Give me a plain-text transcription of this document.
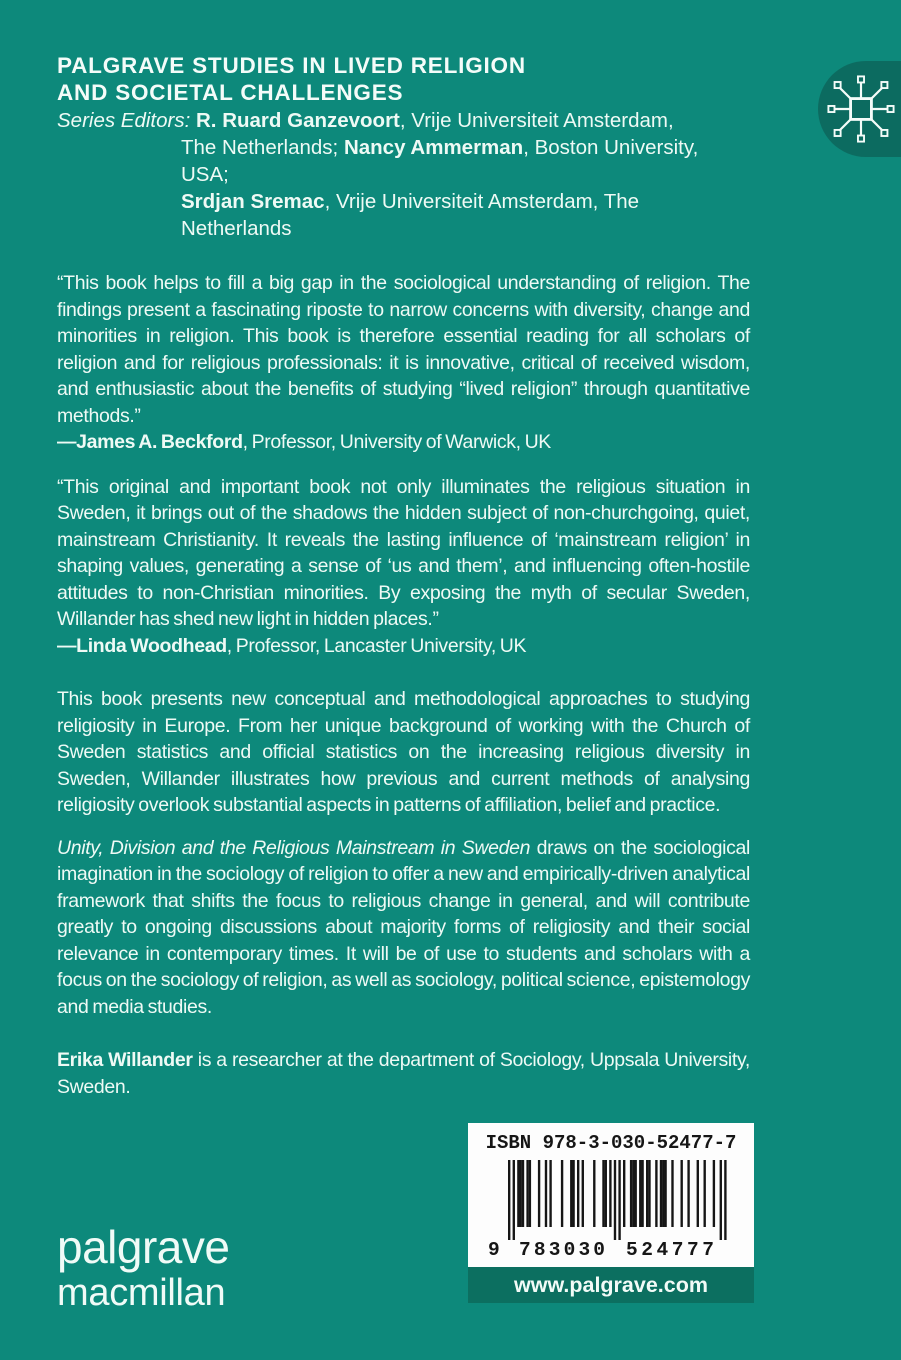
PALGRAVE STUDIES IN LIVED RELIGION
AND SOCIETAL CHALLENGES
Series Editors: R. Ruard Ganzevoort, Vrije Universiteit Amsterdam,
The Netherlands; Nancy Ammerman, Boston University, USA;
Srdjan Sremac, Vrije Universiteit Amsterdam, The Netherlands
“This book helps to fill a big gap in the sociological understanding of religion. The findings present a fascinating riposte to narrow concerns with diversity, change and minorities in religion. This book is therefore essential reading for all scholars of religion and for religious professionals: it is innovative, critical of received wisdom, and enthusiastic about the benefits of studying “lived religion” through quantitative methods.”
—James A. Beckford, Professor, University of Warwick, UK
“This original and important book not only illuminates the religious situation in Sweden, it brings out of the shadows the hidden subject of non-churchgoing, quiet, mainstream Christianity. It reveals the lasting influence of ‘mainstream religion’ in shaping values, generating a sense of ‘us and them’, and influencing often-hostile attitudes to non-Christian minorities. By exposing the myth of secular Sweden, Willander has shed new light in hidden places.”
—Linda Woodhead, Professor, Lancaster University, UK
This book presents new conceptual and methodological approaches to studying religiosity in Europe. From her unique background of working with the Church of Sweden statistics and official statistics on the increasing religious diversity in Sweden, Willander illustrates how previous and current methods of analysing religiosity overlook substantial aspects in patterns of affiliation, belief and practice.
Unity, Division and the Religious Mainstream in Sweden draws on the sociological imagination in the sociology of religion to offer a new and empirically-driven analytical framework that shifts the focus to religious change in general, and will contribute greatly to ongoing discussions about majority forms of religiosity and their social relevance in contemporary times. It will be of use to students and scholars with a focus on the sociology of religion, as well as sociology, political science, epistemology and media studies.
Erika Willander is a researcher at the department of Sociology, Uppsala University, Sweden.
palgrave
macmillan
ISBN 978-3-030-52477-7
9 783030 524777
www.palgrave.com
